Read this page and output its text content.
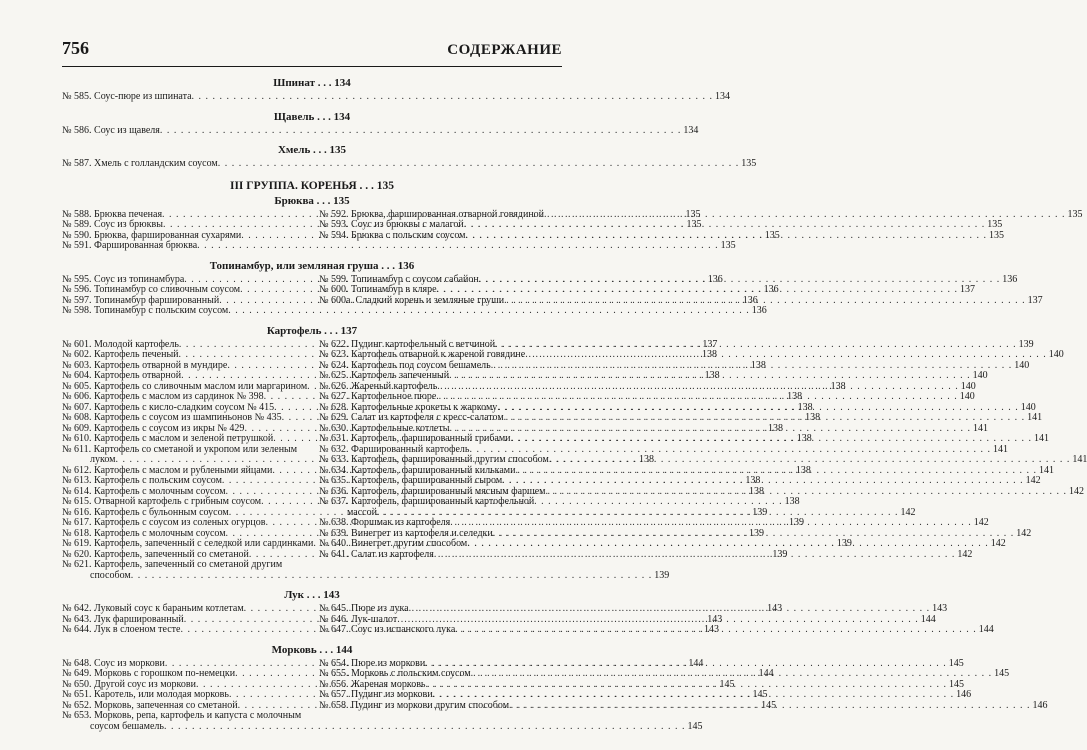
756	СОДЕРЖАНИЕ
Шпинат . . . 134
№ 585. Соус-пюре из шпината . . .	134
Щавель . . . 134
№ 586. Соус из щавеля . . .	134
Хмель . . . 135
№ 587. Хмель с голландским соусом . . .	135
III ГРУППА. КОРЕНЬЯ . . . 135
Брюква . . . 135
№ 588. Брюква печеная . . .	135
№ 589. Соус из брюквы . . .	135
№ 590. Брюква, фаршированная сухарями . . .	135
№ 591. Фаршированная брюква . . .	135
№ 592. Брюква, фаршированная отварной говядиной . . .	135
№ 593. Соус из брюквы с малагой . . .	135
№ 594. Брюква с польским соусом . . .	135
Топинамбур, или земляная груша . . . 136
№ 595. Соус из топинамбура . . .	136
№ 596. Топинамбур со сливочным соусом . . .	136
№ 597. Топинамбур фаршированный . . .	136
№ 598. Топинамбур с польским соусом . . .	136
№ 599. Топинамбур с соусом сабайон . . .	136
№ 600. Топинамбур в кляре . . .	137
№ 600а. Сладкий корень и земляные груши . . .	137
Картофель . . . 137
№ 601. Молодой картофель . . .	137
№ 602. Картофель печеный . . .	138
№ 603. Картофель отварной в мундире . . .	138
№ 604. Картофель отварной . . .	138
№ 605. Картофель со сливочным маслом или маргарином . . .	138
№ 606. Картофель с маслом из сардинок № 398 . . .	138
№ 607. Картофель с кисло-сладким соусом № 415 . . .	138
№ 608. Картофель с соусом из шампиньонов № 435 . . .	138
№ 609. Картофель с соусом из икры № 429 . . .	138
№ 610. Картофель с маслом и зеленой петрушкой . . .	138
№ 611. Картофель со сметаной и укропом или зеленым
луком . . .	138
№ 612. Картофель с маслом и рублеными яйцами . . .	138
№ 613. Картофель с польским соусом . . .	138
№ 614. Картофель с молочным соусом . . .	138
№ 615. Отварной картофель с грибным соусом . . .	138
№ 616. Картофель с бульонным соусом . . .	139
№ 617. Картофель с соусом из соленых огурцов . . .	139
№ 618. Картофель с молочным соусом . . .	139
№ 619. Картофель, запеченный с селедкой или сардинками . . .	139
№ 620. Картофель, запеченный со сметаной . . .	139
№ 621. Картофель, запеченный со сметаной другим
способом . . .	139
№ 622. Пудинг картофельный с ветчиной . . .	139
№ 623. Картофель отварной к жареной говядине . . .	140
№ 624. Картофель под соусом бешамель . . .	140
№ 625. Картофель запеченный . . .	140
№ 626. Жареный картофель . . .	140
№ 627. Картофельное пюре . . .	140
№ 628. Картофельные крокеты к жаркому . . .	140
№ 629. Салат из картофеля с кресс-салатом . . .	141
№ 630. Картофельные котлеты . . .	141
№ 631. Картофель, фаршированный грибами . . .	141
№ 632. Фаршированный картофель . . .	141
№ 633. Картофель, фаршированный другим способом . . .	141
№ 634. Картофель, фаршированный кильками . . .	141
№ 635. Картофель, фаршированный сыром . . .	142
№ 636. Картофель, фаршированный мясным фаршем . . .	142
№ 637. Картофель, фаршированный картофельной
массой . . .	142
№ 638. Форшмак из картофеля . . .	142
№ 639. Винегрет из картофеля и селедки . . .	142
№ 640. Винегрет другим способом . . .	142
№ 641. Салат из картофеля . . .	142
Лук . . . 143
№ 642. Луковый соус к бараньим котлетам . . .	143
№ 643. Лук фаршированный . . .	143
№ 644. Лук в слоеном тесте . . .	143
№ 645. Пюре из лука . . .	143
№ 646. Лук-шалот . . .	144
№ 647. Соус из испанского лука . . .	144
Морковь . . . 144
№ 648. Соус из моркови . . .	144
№ 649. Морковь с горошком по-немецки . . .	144
№ 650. Другой соус из моркови . . .	145
№ 651. Каротель, или молодая морковь . . .	145
№ 652. Морковь, запеченная со сметаной . . .	145
№ 653. Морковь, репа, картофель и капуста с молочным
соусом бешамель . . .	145
№ 654. Пюре из моркови . . .	145
№ 655. Морковь с польским соусом . . .	145
№ 656. Жареная морковь . . .	145
№ 657. Пудинг из моркови . . .	146
№ 658. Пудинг из моркови другим способом . . .	146
